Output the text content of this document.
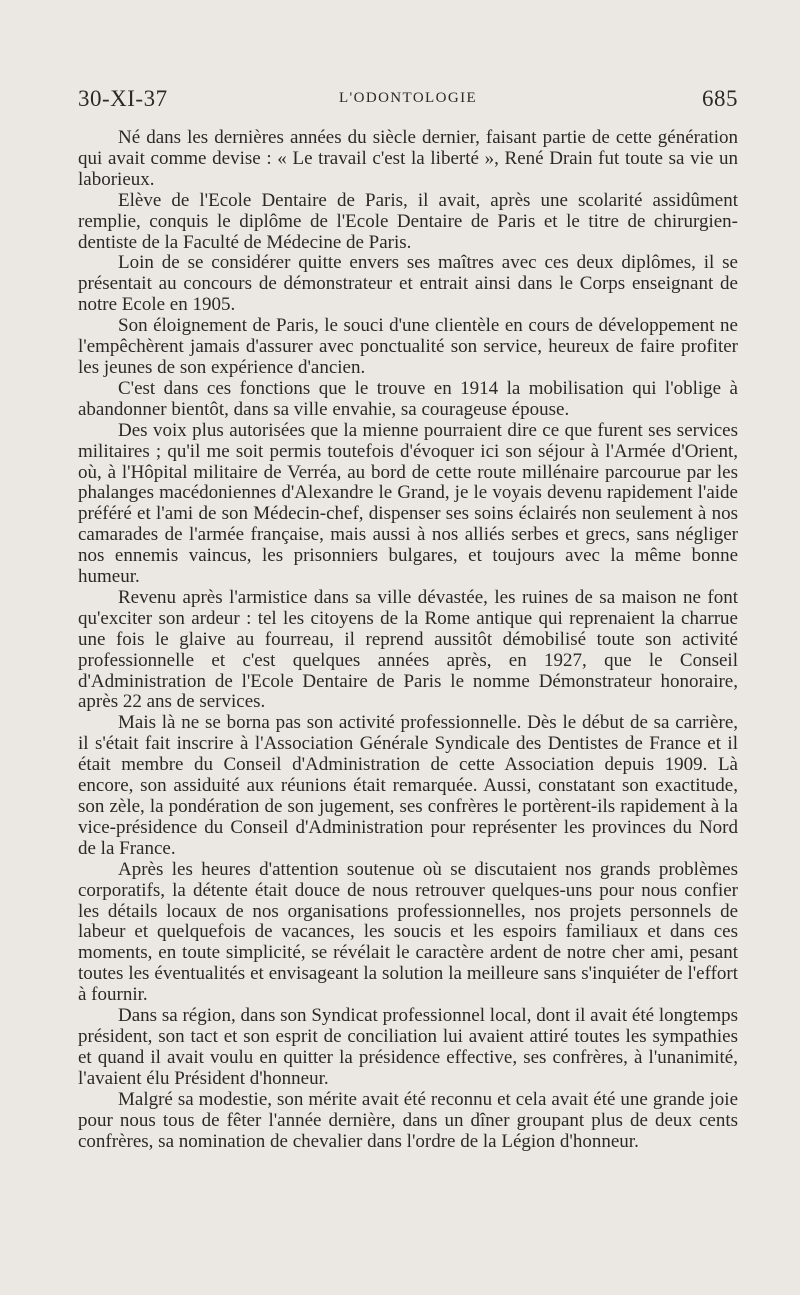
30-XI-37	L'ODONTOLOGIE	685

Né dans les dernières années du siècle dernier, faisant partie de cette génération qui avait comme devise : « Le travail c'est la liberté », René Drain fut toute sa vie un laborieux.

Elève de l'Ecole Dentaire de Paris, il avait, après une scolarité assidûment remplie, conquis le diplôme de l'Ecole Dentaire de Paris et le titre de chirurgien-dentiste de la Faculté de Médecine de Paris.

Loin de se considérer quitte envers ses maîtres avec ces deux diplômes, il se présentait au concours de démonstrateur et entrait ainsi dans le Corps enseignant de notre Ecole en 1905.

Son éloignement de Paris, le souci d'une clientèle en cours de développement ne l'empêchèrent jamais d'assurer avec ponctualité son service, heureux de faire profiter les jeunes de son expérience d'ancien.

C'est dans ces fonctions que le trouve en 1914 la mobilisation qui l'oblige à abandonner bientôt, dans sa ville envahie, sa courageuse épouse.

Des voix plus autorisées que la mienne pourraient dire ce que furent ses services militaires ; qu'il me soit permis toutefois d'évoquer ici son séjour à l'Armée d'Orient, où, à l'Hôpital militaire de Verréa, au bord de cette route millénaire parcourue par les phalanges macédoniennes d'Alexandre le Grand, je le voyais devenu rapidement l'aide préféré et l'ami de son Médecin-chef, dispenser ses soins éclairés non seulement à nos camarades de l'armée française, mais aussi à nos alliés serbes et grecs, sans négliger nos ennemis vaincus, les prisonniers bulgares, et toujours avec la même bonne humeur.

Revenu après l'armistice dans sa ville dévastée, les ruines de sa maison ne font qu'exciter son ardeur : tel les citoyens de la Rome antique qui reprenaient la charrue une fois le glaive au fourreau, il reprend aussitôt démobilisé toute son activité professionnelle et c'est quelques années après, en 1927, que le Conseil d'Administration de l'Ecole Dentaire de Paris le nomme Démonstrateur honoraire, après 22 ans de services.

Mais là ne se borna pas son activité professionnelle. Dès le début de sa carrière, il s'était fait inscrire à l'Association Générale Syndicale des Dentistes de France et il était membre du Conseil d'Administration de cette Association depuis 1909. Là encore, son assiduité aux réunions était remarquée. Aussi, constatant son exactitude, son zèle, la pondération de son jugement, ses confrères le portèrent-ils rapidement à la vice-présidence du Conseil d'Administration pour représenter les provinces du Nord de la France.

Après les heures d'attention soutenue où se discutaient nos grands problèmes corporatifs, la détente était douce de nous retrouver quelques-uns pour nous confier les détails locaux de nos organisations professionnelles, nos projets personnels de labeur et quelquefois de vacances, les soucis et les espoirs familiaux et dans ces moments, en toute simplicité, se révélait le caractère ardent de notre cher ami, pesant toutes les éventualités et envisageant la solution la meilleure sans s'inquiéter de l'effort à fournir.

Dans sa région, dans son Syndicat professionnel local, dont il avait été longtemps président, son tact et son esprit de conciliation lui avaient attiré toutes les sympathies et quand il avait voulu en quitter la présidence effective, ses confrères, à l'unanimité, l'avaient élu Président d'honneur.

Malgré sa modestie, son mérite avait été reconnu et cela avait été une grande joie pour nous tous de fêter l'année dernière, dans un dîner groupant plus de deux cents confrères, sa nomination de chevalier dans l'ordre de la Légion d'honneur.
